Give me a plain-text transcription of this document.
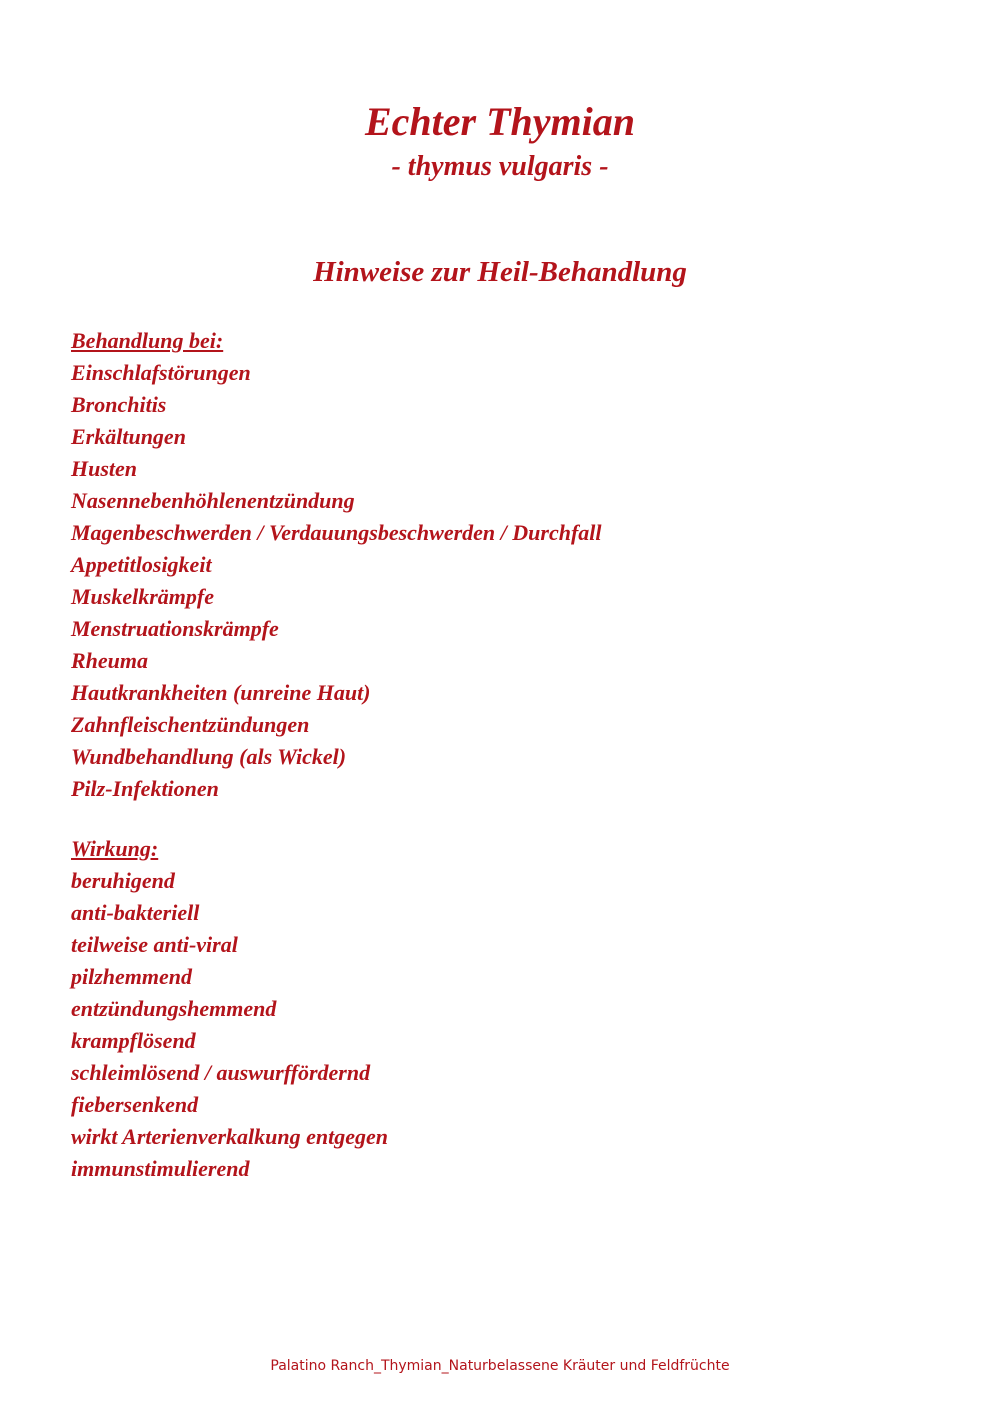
Echter Thymian
- thymus vulgaris -
Hinweise zur Heil-Behandlung

Behandlung bei:

Einschlafstörungen
Bronchitis
Erkältungen
Husten
Nasennebenhöhlenentzündung
Magenbeschwerden / Verdauungsbeschwerden / Durchfall
Appetitlosigkeit
Muskelkrämpfe
Menstruationskrämpfe
Rheuma
Hautkrankheiten (unreine Haut)
Zahnfleischentzündungen
Wundbehandlung (als Wickel)
Pilz-Infektionen

Wirkung:

beruhigend
anti-bakteriell
teilweise anti-viral
pilzhemmend
entzündungshemmend
krampflösend
schleimlösend / auswurffördernd
fiebersenkend
wirkt Arterienverkalkung entgegen
immunstimulierend
Palatino Ranch_Thymian_Naturbelassene Kräuter und Feldfrüchte
